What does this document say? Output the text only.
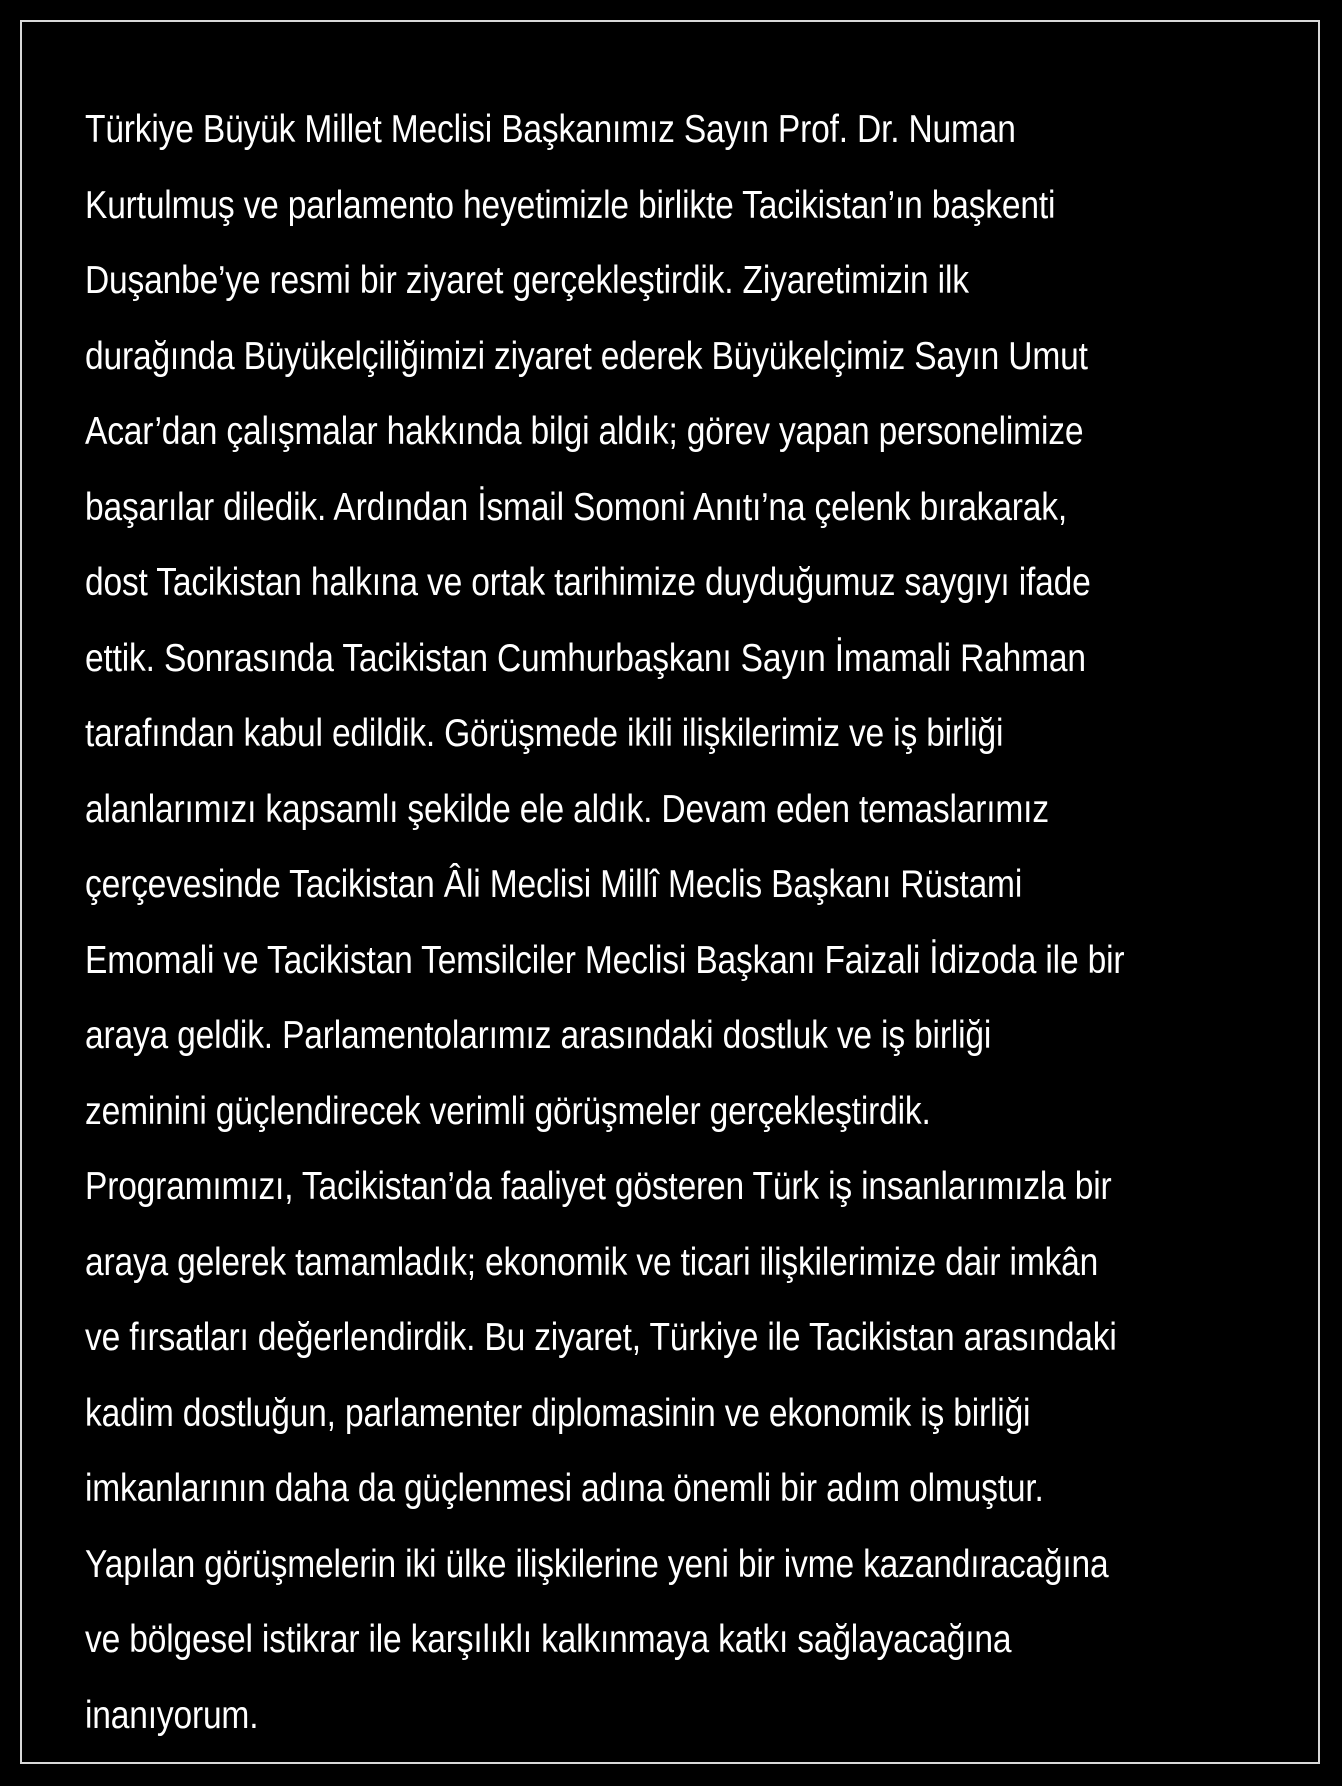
Türkiye Büyük Millet Meclisi Başkanımız Sayın Prof. Dr. Numan
Kurtulmuş ve parlamento heyetimizle birlikte Tacikistan’ın başkenti
Duşanbe’ye resmi bir ziyaret gerçekleştirdik. Ziyaretimizin ilk
durağında Büyükelçiliğimizi ziyaret ederek Büyükelçimiz Sayın Umut
Acar’dan çalışmalar hakkında bilgi aldık; görev yapan personelimize
başarılar diledik. Ardından İsmail Somoni Anıtı’na çelenk bırakarak,
dost Tacikistan halkına ve ortak tarihimize duyduğumuz saygıyı ifade
ettik. Sonrasında Tacikistan Cumhurbaşkanı Sayın İmamali Rahman
tarafından kabul edildik. Görüşmede ikili ilişkilerimiz ve iş birliği
alanlarımızı kapsamlı şekilde ele aldık. Devam eden temaslarımız
çerçevesinde Tacikistan Âli Meclisi Millî Meclis Başkanı Rüstami
Emomali ve Tacikistan Temsilciler Meclisi Başkanı Faizali İdizoda ile bir
araya geldik. Parlamentolarımız arasındaki dostluk ve iş birliği
zeminini güçlendirecek verimli görüşmeler gerçekleştirdik.
Programımızı, Tacikistan’da faaliyet gösteren Türk iş insanlarımızla bir
araya gelerek tamamladık; ekonomik ve ticari ilişkilerimize dair imkân
ve fırsatları değerlendirdik. Bu ziyaret, Türkiye ile Tacikistan arasındaki
kadim dostluğun, parlamenter diplomasinin ve ekonomik iş birliği
imkanlarının daha da güçlenmesi adına önemli bir adım olmuştur.
Yapılan görüşmelerin iki ülke ilişkilerine yeni bir ivme kazandıracağına
ve bölgesel istikrar ile karşılıklı kalkınmaya katkı sağlayacağına
inanıyorum.
